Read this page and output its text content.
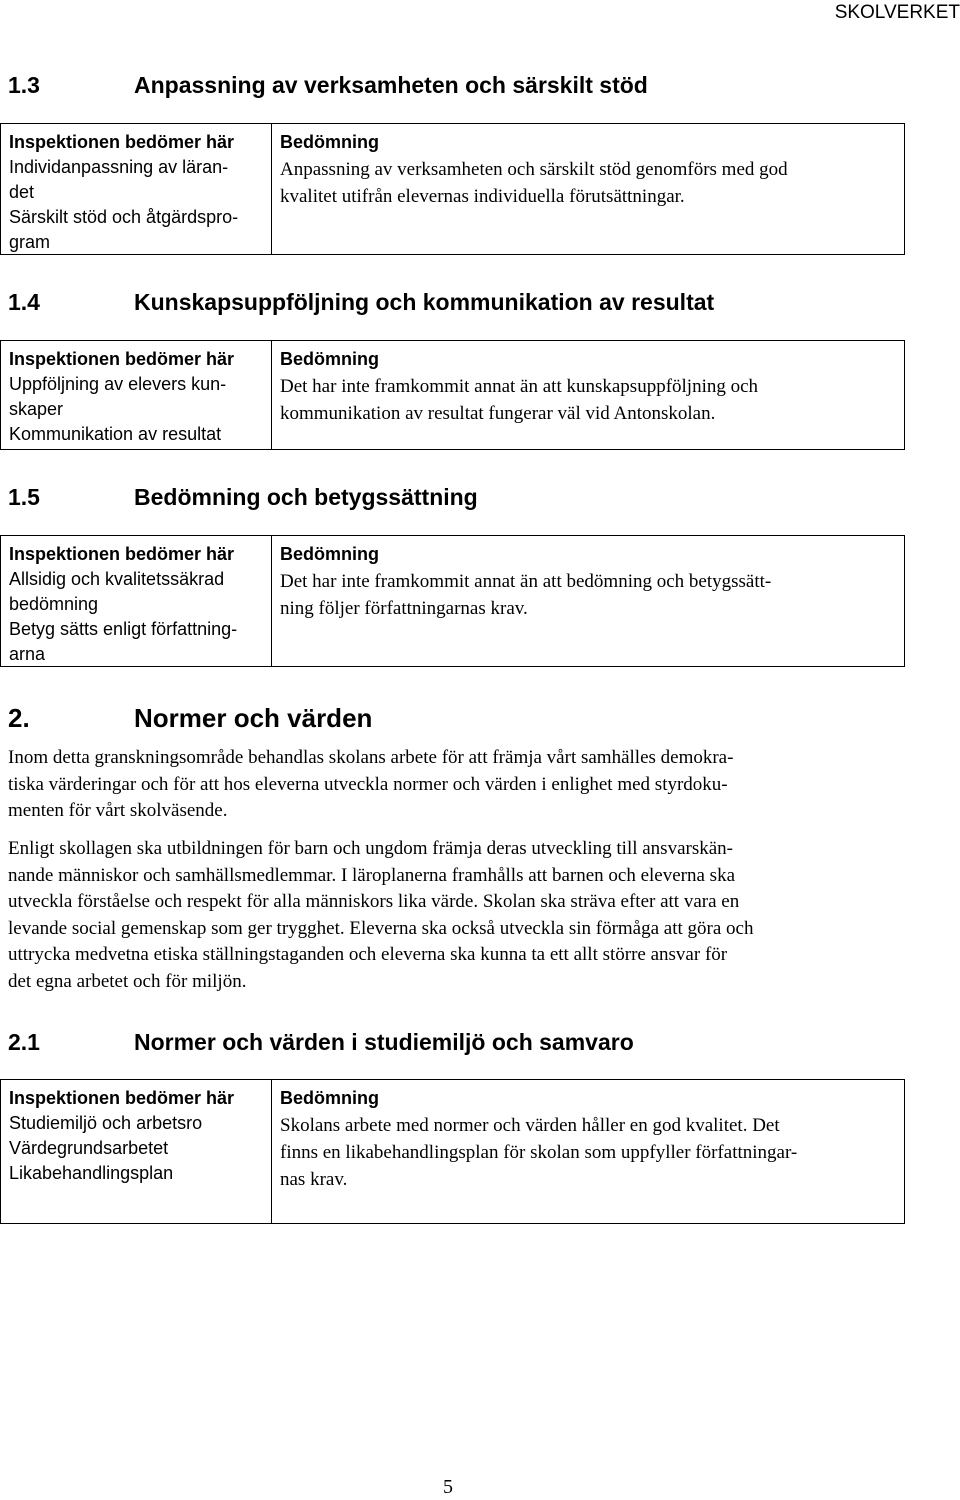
SKOLVERKET
1.3	Anpassning av verksamheten och särskilt stöd
Inspektionen bedömer här
Individanpassning av läran-
det
Särskilt stöd och åtgärdspro-
gram
Bedömning
Anpassning av verksamheten och särskilt stöd genomförs med god
kvalitet utifrån elevernas individuella förutsättningar.
1.4	Kunskapsuppföljning och kommunikation av resultat
Inspektionen bedömer här
Uppföljning av elevers kun-
skaper
Kommunikation av resultat
Bedömning
Det har inte framkommit annat än att kunskapsuppföljning och
kommunikation av resultat fungerar väl vid Antonskolan.
1.5	Bedömning och betygssättning
Inspektionen bedömer här
Allsidig och kvalitetssäkrad
bedömning
Betyg sätts enligt författning-
arna
Bedömning
Det har inte framkommit annat än att bedömning och betygssätt-
ning följer författningarnas krav.
2.	Normer och värden
Inom detta granskningsområde behandlas skolans arbete för att främja vårt samhälles demokra-
tiska värderingar och för att hos eleverna utveckla normer och värden i enlighet med styrdoku-
menten för vårt skolväsende.
Enligt skollagen ska utbildningen för barn och ungdom främja deras utveckling till ansvarskän-
nande människor och samhällsmedlemmar. I läroplanerna framhålls att barnen och eleverna ska
utveckla förståelse och respekt för alla människors lika värde. Skolan ska sträva efter att vara en
levande social gemenskap som ger trygghet. Eleverna ska också utveckla sin förmåga att göra och
uttrycka medvetna etiska ställningstaganden och eleverna ska kunna ta ett allt större ansvar för
det egna arbetet och för miljön.
2.1	Normer och värden i studiemiljö och samvaro
Inspektionen bedömer här
Studiemiljö och arbetsro
Värdegrundsarbetet
Likabehandlingsplan
Bedömning
Skolans arbete med normer och värden håller en god kvalitet. Det
finns en likabehandlingsplan för skolan som uppfyller författningar-
nas krav.
5
